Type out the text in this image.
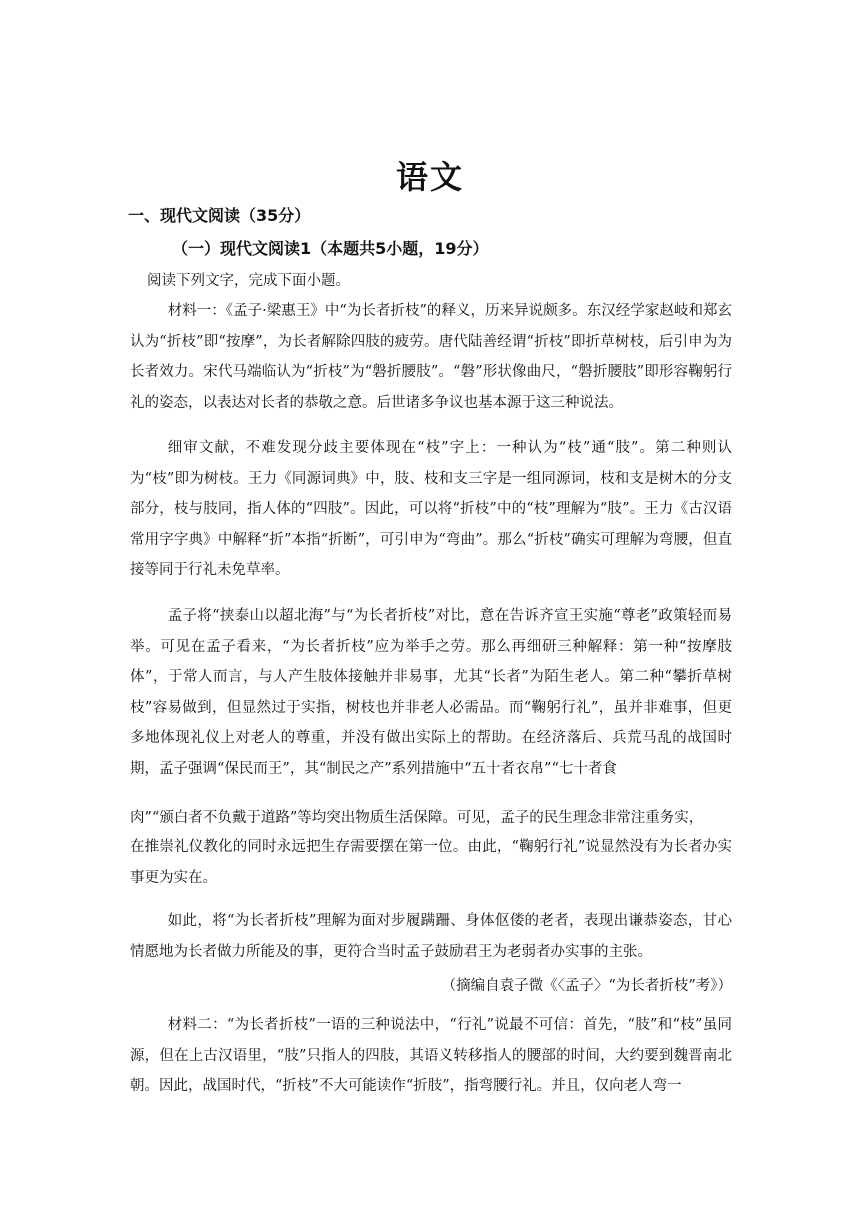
语文
一、现代文阅读（35分）
（一）现代文阅读1（本题共5小题，19分）
阅读下列文字，完成下面小题。
材料一：《孟子·梁惠王》中“为长者折枝”的释义，历来异说颇多。东汉经学家赵岐和郑玄认为“折枝”即“按摩”，为长者解除四肢的疲劳。唐代陆善经谓“折枝”即折草树枝，后引申为为长者效力。宋代马端临认为“折枝”为“磐折腰肢”。“磐”形状像曲尺，“磐折腰肢”即形容鞠躬行礼的姿态，以表达对长者的恭敬之意。后世诸多争议也基本源于这三种说法。
细审文献，不难发现分歧主要体现在“枝”字上：一种认为“枝”通“肢”。第二种则认为“枝”即为树枝。王力《同源词典》中，肢、枝和支三字是一组同源词，枝和支是树木的分支部分，枝与肢同，指人体的“四肢”。因此，可以将“折枝”中的“枝”理解为“肢”。王力《古汉语常用字字典》中解释“折”本指“折断”，可引申为“弯曲”。那么“折枝”确实可理解为弯腰，但直接等同于行礼未免草率。
孟子将“挟泰山以超北海”与“为长者折枝”对比，意在告诉齐宣王实施“尊老”政策轻而易举。可见在孟子看来，“为长者折枝”应为举手之劳。那么再细研三种解释：第一种“按摩肢体”，于常人而言，与人产生肢体接触并非易事，尤其“长者”为陌生老人。第二种“攀折草树枝”容易做到，但显然过于实指，树枝也并非老人必需品。而“鞠躬行礼”，虽并非难事，但更多地体现礼仪上对老人的尊重，并没有做出实际上的帮助。在经济落后、兵荒马乱的战国时期，孟子强调“保民而王”，其“制民之产”系列措施中“五十者衣帛”“七十者食
肉”“颁白者不负戴于道路”等均突出物质生活保障。可见，孟子的民生理念非常注重务实，
在推崇礼仪教化的同时永远把生存需要摆在第一位。由此，“鞠躬行礼”说显然没有为长者办实事更为实在。
如此，将“为长者折枝”理解为面对步履蹒跚、身体伛偻的老者，表现出谦恭姿态，甘心情愿地为长者做力所能及的事，更符合当时孟子鼓励君王为老弱者办实事的主张。
（摘编自袁子微《〈孟子〉“为长者折枝”考》）
材料二：“为长者折枝”一语的三种说法中，“行礼”说最不可信：首先，“肢”和“枝”虽同源，但在上古汉语里，“肢”只指人的四肢，其语义转移指人的腰部的时间，大约要到魏晋南北朝。因此，战国时代，“折枝”不大可能读作“折肢”，指弯腰行礼。并且，仅向老人弯一
